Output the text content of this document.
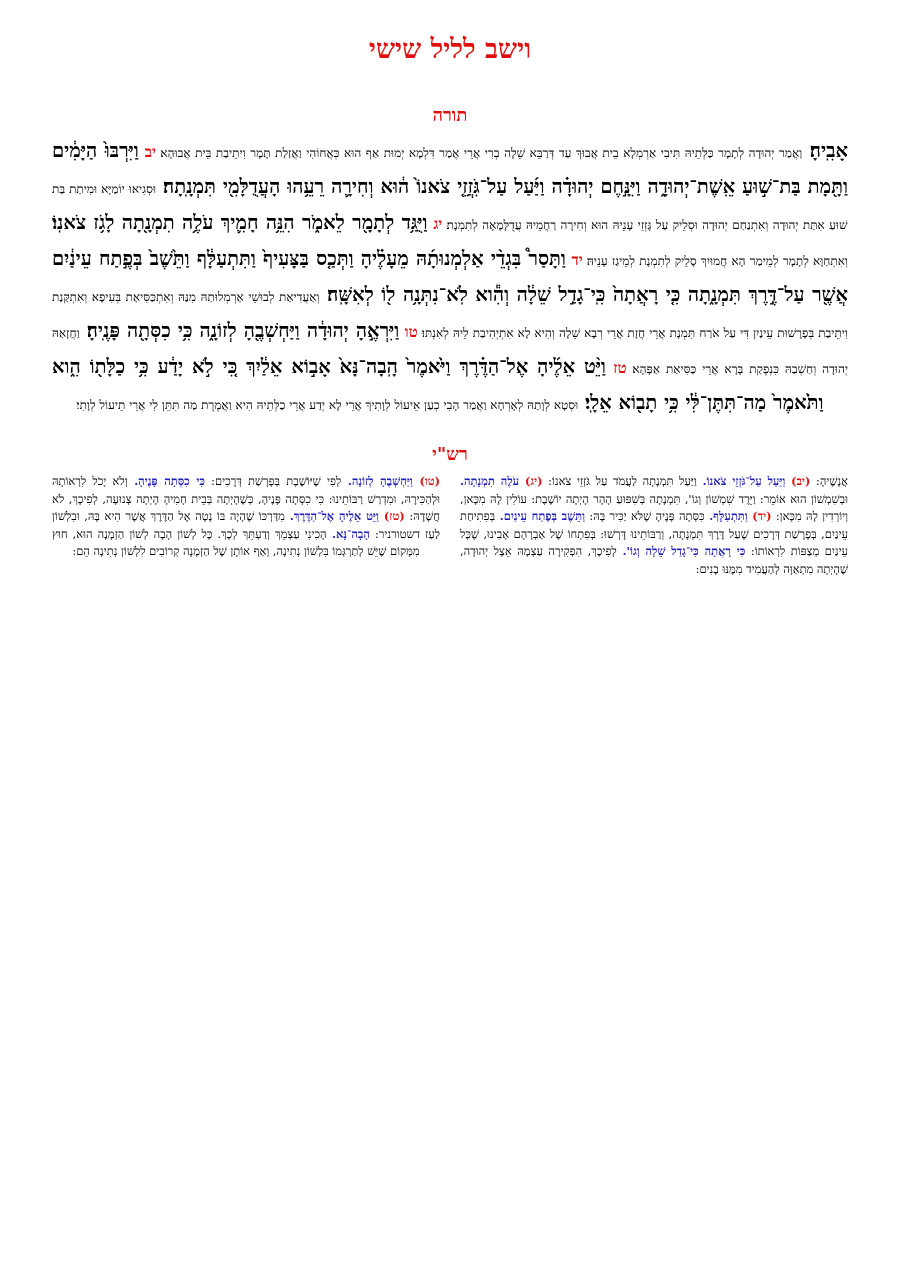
וישב לליל שישי
תורה
אָבִֽיהָ׃ וַאֲמַר יְהוּדָה לְתָמָר כַּלְּתֵיהּ תִּיבִי אַרְמְלָא בֵית אֲבוּךְ עַד דְּרַבֵּא שֵׁלָה בְרִי אֲרֵי אֲמַר דִּלְמָא יְמוּת אַף הוּא כְּאֲחוֹהִי וַאֲזַלַת תָּמָר וִיתֵיבַת בֵּית אֲבוּהָא׃ יב וַיִּרְבּוּ֙ הַיָּמִ֔ים וַתָּ֖מָת בַּת־שׁ֣וּעַ אֵֽשֶׁת־יְהוּדָ֑ה וַיִּנָּ֣חֶם יְהוּדָ֗ה וַיַּ֜עַל עַל־גֹּֽזֲזֵ֤י צֹאנוֹ֙ ה֔וּא וְחִירָ֛ה רֵעֵ֥הוּ הָעֲדֻלָּמִ֖י תִּמְנָֽתָה׃ וּסְגִיאוּ יוֹמַיָּא וּמִיתַת בַּת שׁוּעַ אִתַּת יְהוּדָה וְאִתְנַחַם יְהוּדָה וּסְלֵיק עַל גָּזְזֵי עָנֵיהּ הוּא וְחִירָה רַחֲמֵיהּ עֲדֻלָּמָאָה לְתִמְנָת׃ יג וַיֻּגַּ֥ד לְתָמָ֖ר לֵאמֹ֑ר הִנֵּ֥ה חָמִ֛יךְ עֹלֶ֥ה תִמְנָ֖תָה לָגֹ֥ז צֹאנֽוֹ׃ וְאִתְחַוָּא לְתָמָר לְמֵימַר הָא חֲמוּיִךְ סָלֵיק לְתִמְנָת לְמֵיגַז עָנֵיהּ׃ יד וַתָּסַר֩ בִּגְדֵ֨י אַלְמְנוּתָ֜הּ מֵעָלֶ֗יהָ וַתְּכַ֤ס בַּצָּעִיף֙ וַתִּתְעַלָּ֔ף וַתֵּ֙שֶׁב֙ בְּפֶ֣תַח עֵינַ֔יִם אֲשֶׁ֖ר עַל־דֶּ֣רֶךְ תִּמְנָ֑תָה כִּ֤י רָאֲתָה֙ כִּֽי־גָדַ֣ל שֵׁלָ֔ה וְהִ֕וא לֹֽא־נִתְּנָ֥ה ל֖וֹ לְאִשָּֽׁה׃ וְאַעֲדִיאַת לְבוּשֵׁי אַרְמְלוּתַהּ מִנַּהּ וְאִתְכַּסִּיאַת בְּעִיפָא וְאִתְקַּנַת וִיתֵיבַת בְּפָרָשׁוּת עֵינַיִן דִּי עַל אֹרַח תִּמְנָת אֲרֵי חֲזָת אֲרֵי רְבָא שֵׁלָה וְהִיא לָא אִתְיְהִיבַת לֵיהּ לְאִנְתּוּ׃ טו וַיִּרְאֶ֣הָ יְהוּדָ֔ה וַיַּחְשְׁבֶ֖הָ לְזוֹנָ֑ה כִּ֥י כִסְּתָ֖ה פָּנֶֽיהָ׃ וַחֲזָאַהּ יְהוּדָה וְחַשְׁבַהּ כִּנְפֶקַת בָּרָא אֲרֵי כַּסִּיאַת אַפָּהָא׃ טז וַיֵּ֨ט אֵלֶ֜יהָ אֶל־הַדֶּ֗רֶךְ וַיֹּ֙אמֶר֙ הָֽבָה־נָּא֙ אָב֣וֹא אֵלַ֔יִךְ כִּ֚י לֹ֣א יָדַ֔ע כִּ֥י כַלָּת֖וֹ הִ֑וא וַתֹּ֙אמֶר֙ מַה־תִּתֶּן־לִּ֔י כִּ֥י תָב֖וֹא אֵלָֽי׃ וּסְטָא לְוָתַהּ לְאָרְחָא וַאֲמַר הָבִי כְעַן אֵיעוֹל לְוָתִיךְ אֲרֵי לָא יְדַע אֲרֵי כַלְּתֵיהּ הִיא וַאֲמֶרֶת מַה תִּתֵּן לִי אֲרֵי תֵיעוֹל לְוָתִי׃
רש"י
אֲנָשֶׁיהָ: (יב) וַיַּעַל עַל־גֹּזְזֵי צֹאנוֹ. וַיַּעַל תִּמְנָתָה לַעֲמֹד עַל גֹּזְזֵי צֹאנוֹ: (יג) עֹלֶה תִמְנָתָה. וּבְשִׁמְשׁוֹן הוּא אוֹמֵר: וַיֵּרֶד שִׁמְשׁוֹן וְגוֹ', תִּמְנָתָה בְּשִׁפּוּעַ הָהָר הָיְתָה יוֹשֶׁבֶת: עוֹלִין לָהּ מִכָּאן, וְיוֹרְדִין לָהּ מִכָּאן: (יד) וַתִּתְעַלָּף. כִּסְּתָה פָּנֶיהָ שֶׁלֹּא יַכִּיר בָּהּ: וַתֵּשֶׁב בְּפֶתַח עֵינַיִם. בְּפִתִיחַת עֵינַיִם, בְּפָרָשַׁת דְּרָכִים שֶׁעַל דֶּרֶךְ תִּמְנָתָה, וְרַבּוֹתֵינוּ דָּרְשׁוּ: בְּפִתְחוֹ שֶׁל אַבְרָהָם אָבִינוּ, שֶׁכָּל עֵינַיִם מְצַפּוֹת לִרְאוֹתוֹ: כִּי רָאֲתָה כִּי־גָדַל שֵׁלָה וְגוֹ'. לְפִיכָךְ, הִפְקִירָה עַצְמָהּ אֵצֶל יְהוּדָה, שֶׁהָיְתָה מִתְאַוָּה לְהַעֲמִיד מִמֶּנּוּ בָנִים:
(טו) וַיַּחְשְׁבֶהָ לְזוֹנָה. לְפִי שֶׁיּוֹשֶׁבֶת בְּפָרָשַׁת דְּרָכִים: כִּי כִסְּתָה פָּנֶיהָ. וְלֹא יָכֹל לִרְאוֹתָהּ וּלְהַכִּירָהּ, וּמִדְרַשׁ רַבּוֹתֵינוּ: כִּי כִסְּתָה פָּנֶיהָ, כְּשֶׁהָיְתָה בְּבֵית חָמִיהָ הָיְתָה צְנוּעָה, לְפִיכָךְ, לֹא חֲשָׁדָהּ: (טז) וַיֵּט אֵלֶיהָ אֶל־הַדֶּרֶךְ. מִדַּרְכּוֹ שֶׁהָיָה בּוֹ נָטָה אֶל הַדֶּרֶךְ אֲשֶׁר הִיא בָּהּ, וּבִלְשׁוֹן לַעַז דשטורניר: הָבָה־נָּא. הָכִינִי עַצְמֵךְ וְדַעְתֵּךְ לְכָךְ. כָּל לְשׁוֹן הָבָה לְשׁוֹן הַזְמָנָה הוּא, חוּץ מִמָּקוֹם שֶׁיֵּשׁ לְתַרְגְּמוֹ בִּלְשׁוֹן נְתִינָה, וְאַף אוֹתָן שֶׁל הַזְמָנָה קְרוֹבִים לִלְשׁוֹן נְתִינָה הֵם:
